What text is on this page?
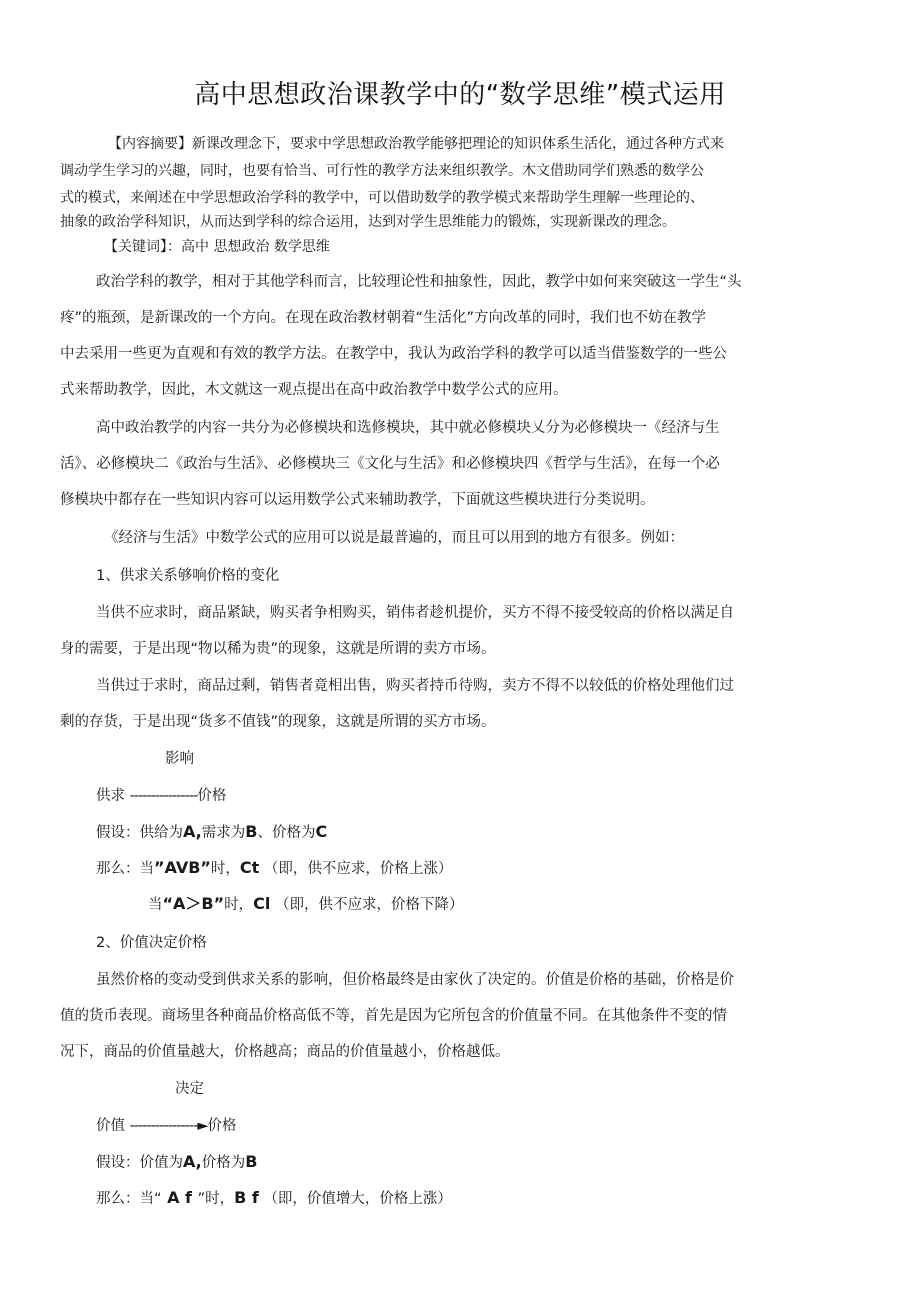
高中思想政治课教学中的“数学思维”模式运用
【内容摘要】新课改理念下，要求中学思想政治教学能够把理论的知识体系生活化，通过各种方式来
调动学生学习的兴趣，同时，也要有恰当、可行性的教学方法来组织教学。木文借助同学们熟悉的数学公
式的模式，来阐述在中学思想政治学科的教学中，可以借助数学的教学模式来帮助学生理解一些理论的、
抽象的政治学科知识，从而达到学科的综合运用，达到对学生思维能力的锻炼，实现新课改的理念。
【关键词】：高中 思想政治 数学思维
政治学科的教学，相对于其他学科而言，比较理论性和抽象性，因此，教学中如何来突破这一学生“头
疼”的瓶颈，是新课改的一个方向。在现在政治教材朝着“生活化”方向改革的同时，我们也不妨在教学
中去采用一些更为直观和有效的教学方法。在教学中，我认为政治学科的教学可以适当借鉴数学的一些公
式来帮助教学，因此，木文就这一观点提出在高中政治教学中数学公式的应用。
高中政治教学的内容一共分为必修模块和选修模块，其中就必修模块乂分为必修模块一《经济与生
活》、必修模块二《政治与生活》、必修模块三《文化与生活》和必修模块四《哲学与生活》，在每一个必
修模块中都存在一些知识内容可以运用数学公式来辅助教学，下面就这些模块进行分类说明。
《经济与生活》中数学公式的应用可以说是最普遍的，而且可以用到的地方有很多。例如：
1、供求关系够响价格的变化
当供不应求时，商品紧缺，购买者争相购买，销伟者趁机提价，买方不得不接受较高的价格以满足自
身的需要，于是出现“物以稀为贵”的现象，这就是所谓的卖方市场。
当供过于求时，商品过剩，销售者竟相出售，购买者持币待购，卖方不得不以较低的价格处理他们过
剩的存货，于是出现“货多不值钱”的现象，这就是所谓的买方市场。
影响
供求 ----------------价格
假设：供给为A,需求为B、价格为C
那么：当”AVB”时，Ct （即，供不应求，价格上涨）
当“A＞B”时，Cl （即，供不应求，价格下降）
2、价值决定价格
虽然价格的变动受到供求关系的影响，但价格最终是由家伙了决定的。价值是价格的基础，价格是价
值的货币表现。商场里各种商品价格高低不等，首先是因为它所包含的价值量不同。在其他条件不变的情
况下，商品的价值量越大，价格越高；商品的价值量越小，价格越低。
决定
价值 ----------------►价格
假设：价值为A,价格为B
那么：当“ A f ”时，B f （即，价值增大，价格上涨）
